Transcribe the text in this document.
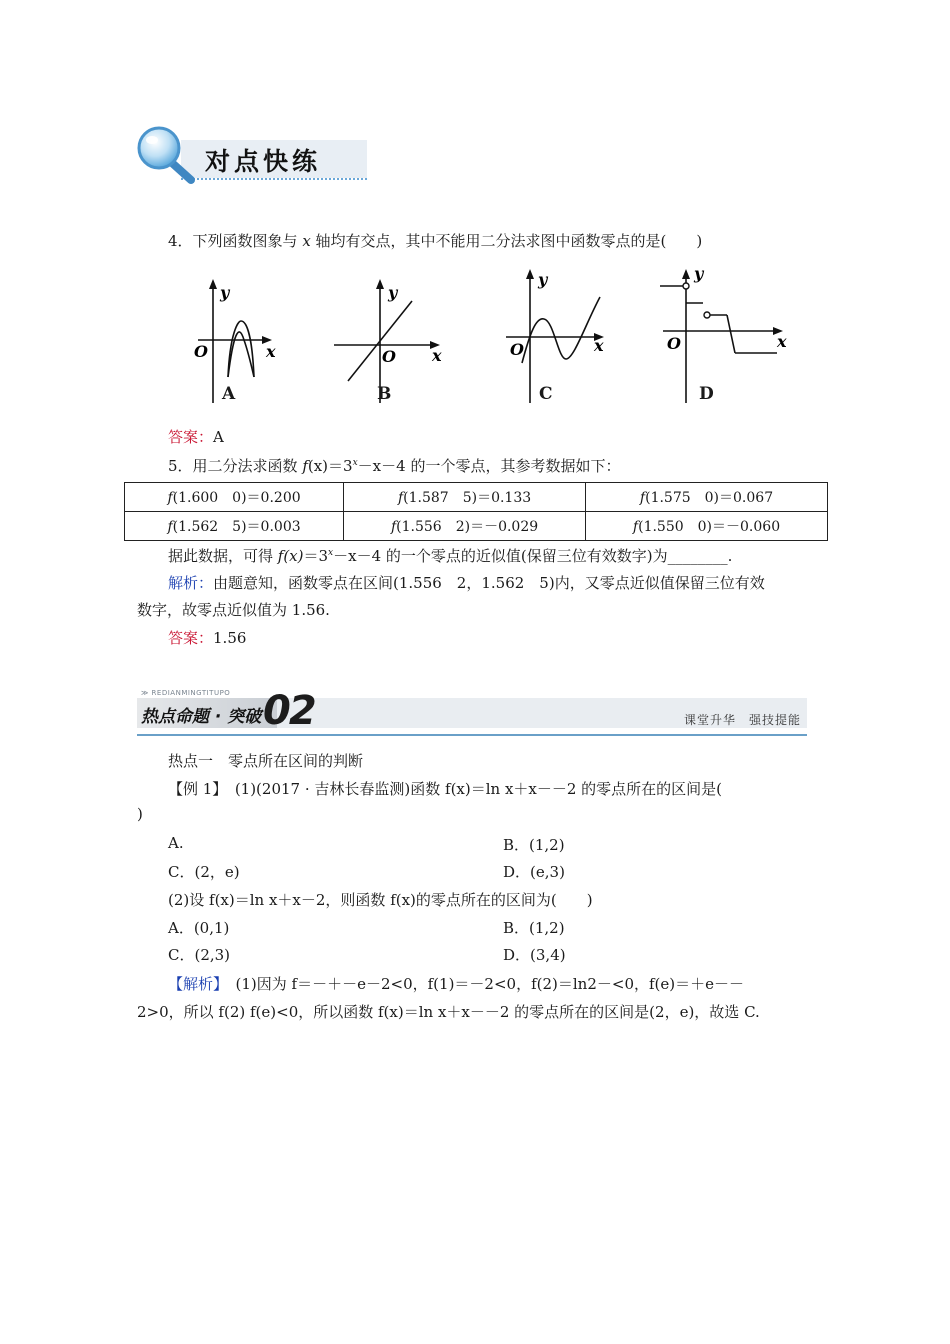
对点快练
4．下列函数图象与 x 轴均有交点，其中不能用二分法求图中函数零点的是(　　)
y
x
O
A
y
x
O
B
y
x
O
C
y
x
O
D
答案：A
5．用二分法求函数 $f(x)=3^x-x-4$ 的一个零点，其参考数据如下：
f(1.600　0)＝0.200	f(1.587　5)＝0.133	f(1.575　0)＝0.067
f(1.562　5)＝0.003	f(1.556　2)＝－0.029	f(1.550　0)＝－0.060
据此数据，可得 $f(x)=3^x-x-4$ 的一个零点的近似值(保留三位有效数字)为________.
解析：由题意知，函数零点在区间(1.556　2，1.562　5)内，又零点近似值保留三位有效
数字，故零点近似值为 1.56.
答案：1.56
≫ REDIANMINGTITUPO
热点命题 · 突破 02	课堂升华　强技提能
热点一　零点所在区间的判断
【例 1】　(1)(2017 · 吉林长春监测)函数 f(x)＝ln x＋x－－2 的零点所在的区间是(
)
A.	B．(1,2)
C．(2，e)	D．(e,3)
(2)设 f(x)＝ln x＋x－2，则函数 f(x)的零点所在的区间为(　　)
A．(0,1)	B．(1,2)
C．(2,3)	D．(3,4)
【解析】　(1)因为 f＝－＋－e－2<0，f(1)＝－2<0，f(2)＝ln2－<0，f(e)＝＋e－－
2>0，所以 f(2) f(e)<0，所以函数 f(x)＝ln x＋x－－2 的零点所在的区间是(2，e)，故选 C.
